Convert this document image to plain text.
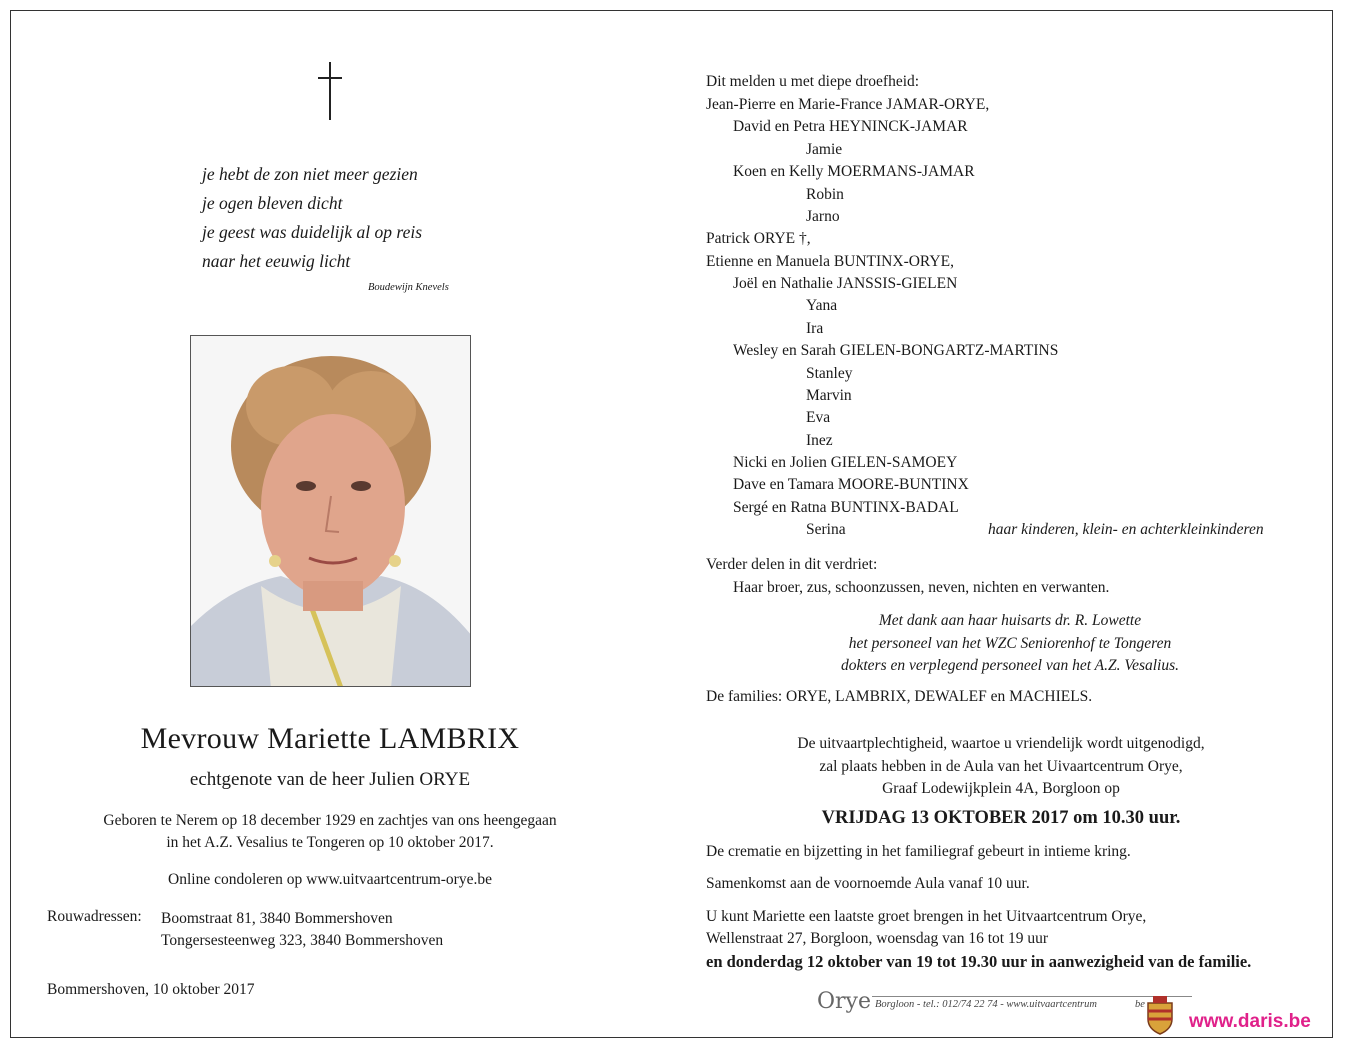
je hebt de zon niet meer gezien
je ogen bleven dicht
je geest was duidelijk al op reis
naar het eeuwig licht
Boudewijn Knevels
Mevrouw Mariette LAMBRIX
echtgenote van de heer Julien ORYE
Geboren te Nerem op 18 december 1929 en zachtjes van ons heengegaan
in het A.Z. Vesalius te Tongeren op 10 oktober 2017.
Online condoleren op www.uitvaartcentrum-orye.be
Rouwadressen: Boomstraat 81, 3840 Bommershoven
Tongersesteenweg 323, 3840 Bommershoven
Bommershoven, 10 oktober 2017
Dit melden u met diepe droefheid:
Jean-Pierre en Marie-France JAMAR-ORYE,
David en Petra HEYNINCK-JAMAR
Jamie
Koen en Kelly MOERMANS-JAMAR
Robin
Jarno
Patrick ORYE †,
Etienne en Manuela BUNTINX-ORYE,
Joël en Nathalie JANSSIS-GIELEN
Yana
Ira
Wesley en Sarah GIELEN-BONGARTZ-MARTINS
Stanley
Marvin
Eva
Inez
Nicki en Jolien GIELEN-SAMOEY
Dave en Tamara MOORE-BUNTINX
Sergé en Ratna BUNTINX-BADAL
Serina	haar kinderen, klein- en achterkleinkinderen
Verder delen in dit verdriet:
Haar broer, zus, schoonzussen, neven, nichten en verwanten.
Met dank aan haar huisarts dr. R. Lowette
het personeel van het WZC Seniorenhof te Tongeren
dokters en verplegend personeel van het A.Z. Vesalius.
De families: ORYE, LAMBRIX, DEWALEF en MACHIELS.
De uitvaartplechtigheid, waartoe u vriendelijk wordt uitgenodigd,
zal plaats hebben in de Aula van het Uivaartcentrum Orye,
Graaf Lodewijkplein 4A, Borgloon op
VRIJDAG 13 OKTOBER 2017 om 10.30 uur.
De crematie en bijzetting in het familiegraf gebeurt in intieme kring.
Samenkomst aan de voornoemde Aula vanaf 10 uur.
U kunt Mariette een laatste groet brengen in het Uitvaartcentrum Orye,
Wellenstraat 27, Borgloon, woensdag van 16 tot 19 uur
en donderdag 12 oktober van 19 tot 19.30 uur in aanwezigheid van de familie.
Orye Borgloon - tel.: 012/74 22 74 - www.uitvaartcentrum	be
www.daris.be
